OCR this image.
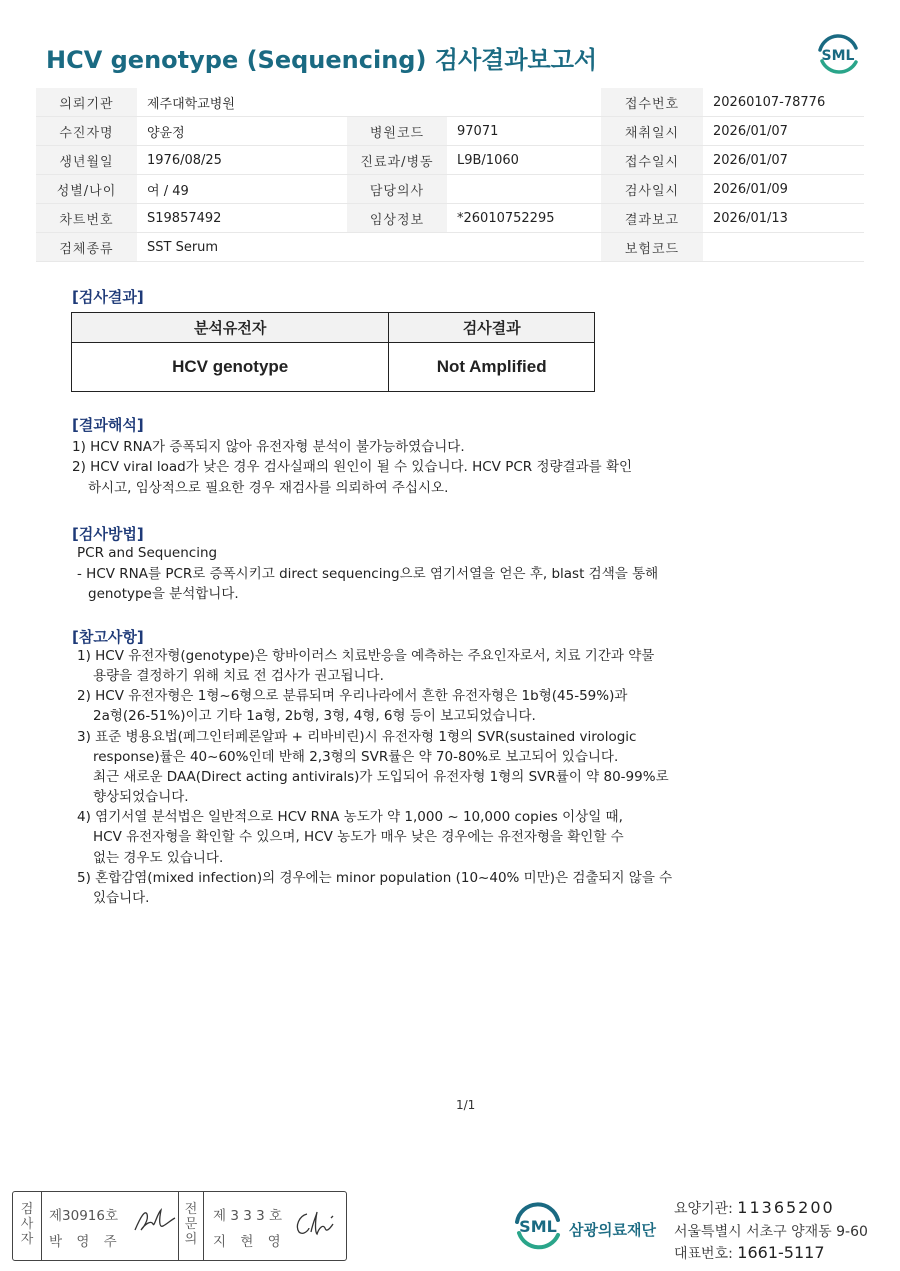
HCV genotype (Sequencing) 검사결과보고서	SML
의뢰기관	제주대학교병원			접수번호	20260107-78776
수진자명	양윤정	병원코드	97071	채취일시	2026/01/07
생년월일	1976/08/25	진료과/병동	L9B/1060	접수일시	2026/01/07
성별/나이	여 / 49	담당의사		검사일시	2026/01/09
차트번호	S19857492	임상정보	*26010752295	결과보고	2026/01/13
검체종류	SST Serum			보험코드	
[검사결과]
분석유전자	검사결과
HCV genotype	Not Amplified
[결과해석]
1) HCV RNA가 증폭되지 않아 유전자형 분석이 불가능하였습니다.
2) HCV viral load가 낮은 경우 검사실패의 원인이 될 수 있습니다. HCV PCR 정량결과를 확인
하시고, 임상적으로 필요한 경우 재검사를 의뢰하여 주십시오.
[검사방법]
PCR and Sequencing
- HCV RNA를 PCR로 증폭시키고 direct sequencing으로 염기서열을 얻은 후, blast 검색을 통해
genotype을 분석합니다.
[참고사항]
1) HCV 유전자형(genotype)은 항바이러스 치료반응을 예측하는 주요인자로서, 치료 기간과 약물
용량을 결정하기 위해 치료 전 검사가 권고됩니다.
2) HCV 유전자형은 1형~6형으로 분류되며 우리나라에서 흔한 유전자형은 1b형(45-59%)과
2a형(26-51%)이고 기타 1a형, 2b형, 3형, 4형, 6형 등이 보고되었습니다.
3) 표준 병용요법(페그인터페론알파 + 리바비린)시 유전자형 1형의 SVR(sustained virologic
response)률은 40~60%인데 반해 2,3형의 SVR률은 약 70-80%로 보고되어 있습니다.
최근 새로운 DAA(Direct acting antivirals)가 도입되어 유전자형 1형의 SVR률이 약 80-99%로
향상되었습니다.
4) 염기서열 분석법은 일반적으로 HCV RNA 농도가 약 1,000 ~ 10,000 copies 이상일 때,
HCV 유전자형을 확인할 수 있으며, HCV 농도가 매우 낮은 경우에는 유전자형을 확인할 수
없는 경우도 있습니다.
5) 혼합감염(mixed infection)의 경우에는 minor population (10~40% 미만)은 검출되지 않을 수
있습니다.
1/1
검
사
자
제30916호
박 영 주
전
문
의
제 3 3 3 호
지 현 영
SML 삼광의료재단
요양기관: 11365200
서울특별시 서초구 양재동 9-60
대표번호: 1661-5117
